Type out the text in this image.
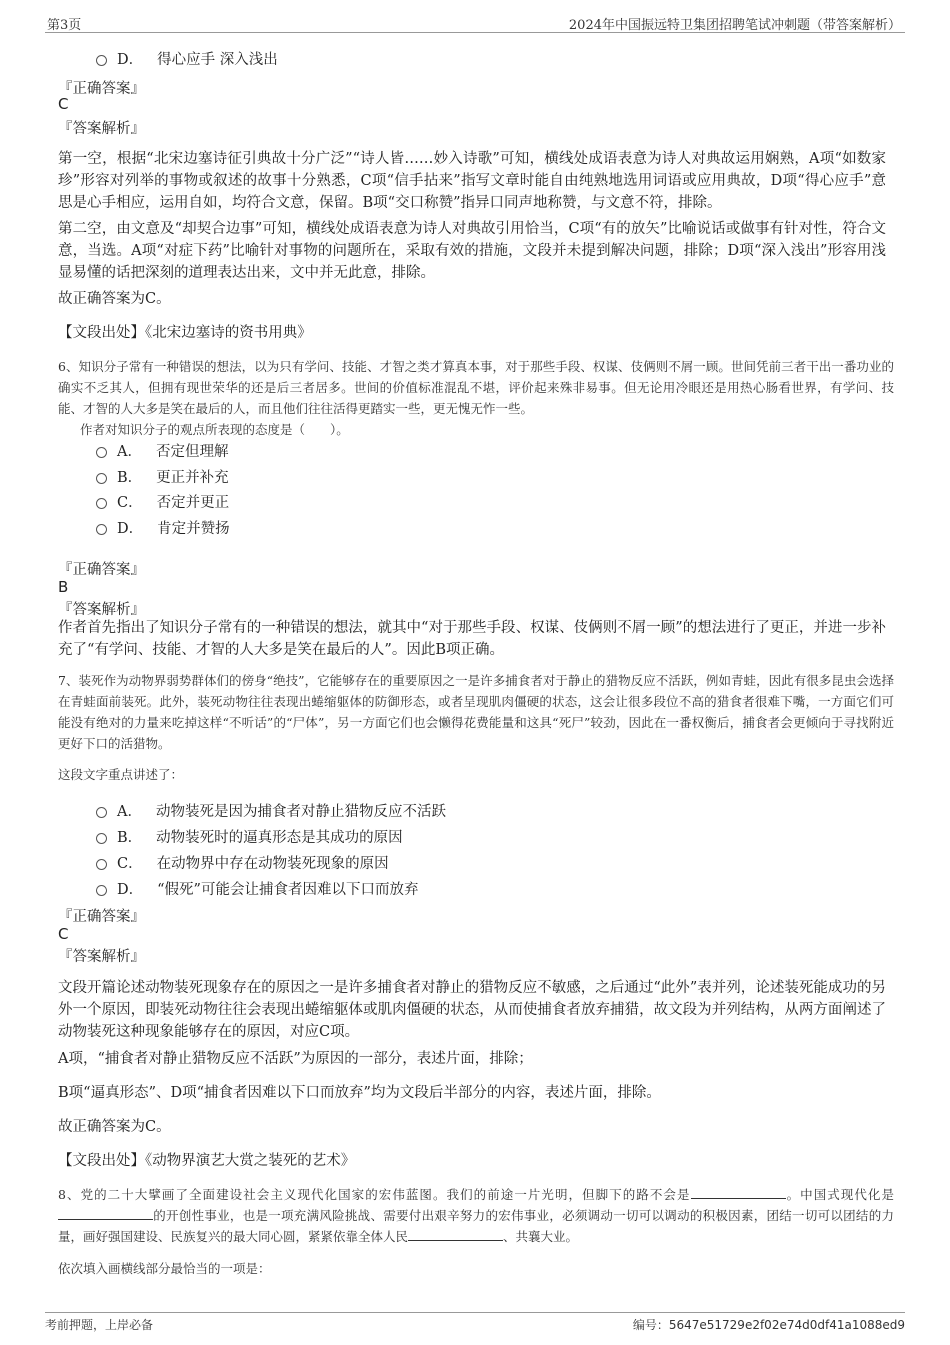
第3页	2024年中国振远特卫集团招聘笔试冲刺题（带答案解析）
D． 得心应手 深入浅出
『正确答案』
C
『答案解析』
第一空，根据“北宋边塞诗征引典故十分广泛”“诗人皆……妙入诗歌”可知，横线处成语表意为诗人对典故运用娴熟，A项“如数家珍”形容对列举的事物或叙述的故事十分熟悉，C项“信手拈来”指写文章时能自由纯熟地选用词语或应用典故，D项“得心应手”意思是心手相应，运用自如，均符合文意，保留。B项“交口称赞”指异口同声地称赞，与文意不符，排除。
第二空，由文意及“却契合边事”可知，横线处成语表意为诗人对典故引用恰当，C项“有的放矢”比喻说话或做事有针对性，符合文意，当选。A项“对症下药”比喻针对事物的问题所在，采取有效的措施，文段并未提到解决问题，排除；D项“深入浅出”形容用浅显易懂的话把深刻的道理表达出来，文中并无此意，排除。
故正确答案为C。
【文段出处】《北宋边塞诗的资书用典》
6、知识分子常有一种错误的想法，以为只有学问、技能、才智之类才算真本事，对于那些手段、权谋、伎俩则不屑一顾。世间凭前三者干出一番功业的确实不乏其人，但拥有现世荣华的还是后三者居多。世间的价值标准混乱不堪，评价起来殊非易事。但无论用冷眼还是用热心肠看世界，有学问、技能、才智的人大多是笑在最后的人，而且他们往往活得更踏实一些，更无愧无怍一些。
作者对知识分子的观点所表现的态度是（　　）。
A． 否定但理解
B． 更正并补充
C． 否定并更正
D． 肯定并赞扬
『正确答案』
B
『答案解析』
作者首先指出了知识分子常有的一种错误的想法，就其中“对于那些手段、权谋、伎俩则不屑一顾”的想法进行了更正，并进一步补充了“有学问、技能、才智的人大多是笑在最后的人”。因此B项正确。
7、装死作为动物界弱势群体们的傍身“绝技”，它能够存在的重要原因之一是许多捕食者对于静止的猎物反应不活跃，例如青蛙，因此有很多昆虫会选择在青蛙面前装死。此外，装死动物往往表现出蜷缩躯体的防御形态，或者呈现肌肉僵硬的状态，这会让很多段位不高的猎食者很难下嘴，一方面它们可能没有绝对的力量来吃掉这样“不听话”的“尸体”，另一方面它们也会懒得花费能量和这具“死尸”较劲，因此在一番权衡后，捕食者会更倾向于寻找附近更好下口的活猎物。
这段文字重点讲述了：
A． 动物装死是因为捕食者对静止猎物反应不活跃
B． 动物装死时的逼真形态是其成功的原因
C． 在动物界中存在动物装死现象的原因
D． “假死”可能会让捕食者因难以下口而放弃
『正确答案』
C
『答案解析』
文段开篇论述动物装死现象存在的原因之一是许多捕食者对静止的猎物反应不敏感，之后通过“此外”表并列，论述装死能成功的另外一个原因，即装死动物往往会表现出蜷缩躯体或肌肉僵硬的状态，从而使捕食者放弃捕猎，故文段为并列结构，从两方面阐述了动物装死这种现象能够存在的原因，对应C项。
A项，“捕食者对静止猎物反应不活跃”为原因的一部分，表述片面，排除；
B项“逼真形态”、D项“捕食者因难以下口而放弃”均为文段后半部分的内容，表述片面，排除。
故正确答案为C。
【文段出处】《动物界演艺大赏之装死的艺术》
8、党的二十大擘画了全面建设社会主义现代化国家的宏伟蓝图。我们的前途一片光明，但脚下的路不会是	。中国式现代化是的开创性事业，也是一项充满风险挑战、需要付出艰辛努力的宏伟事业，必须调动一切可以调动的积极因素，团结一切可以团结的力量，画好强国建设、民族复兴的最大同心圆，紧紧依靠全体人民	、共襄大业。
依次填入画横线部分最恰当的一项是：
考前押题，上岸必备	编号：5647e51729e2f02e74d0df41a1088ed9
